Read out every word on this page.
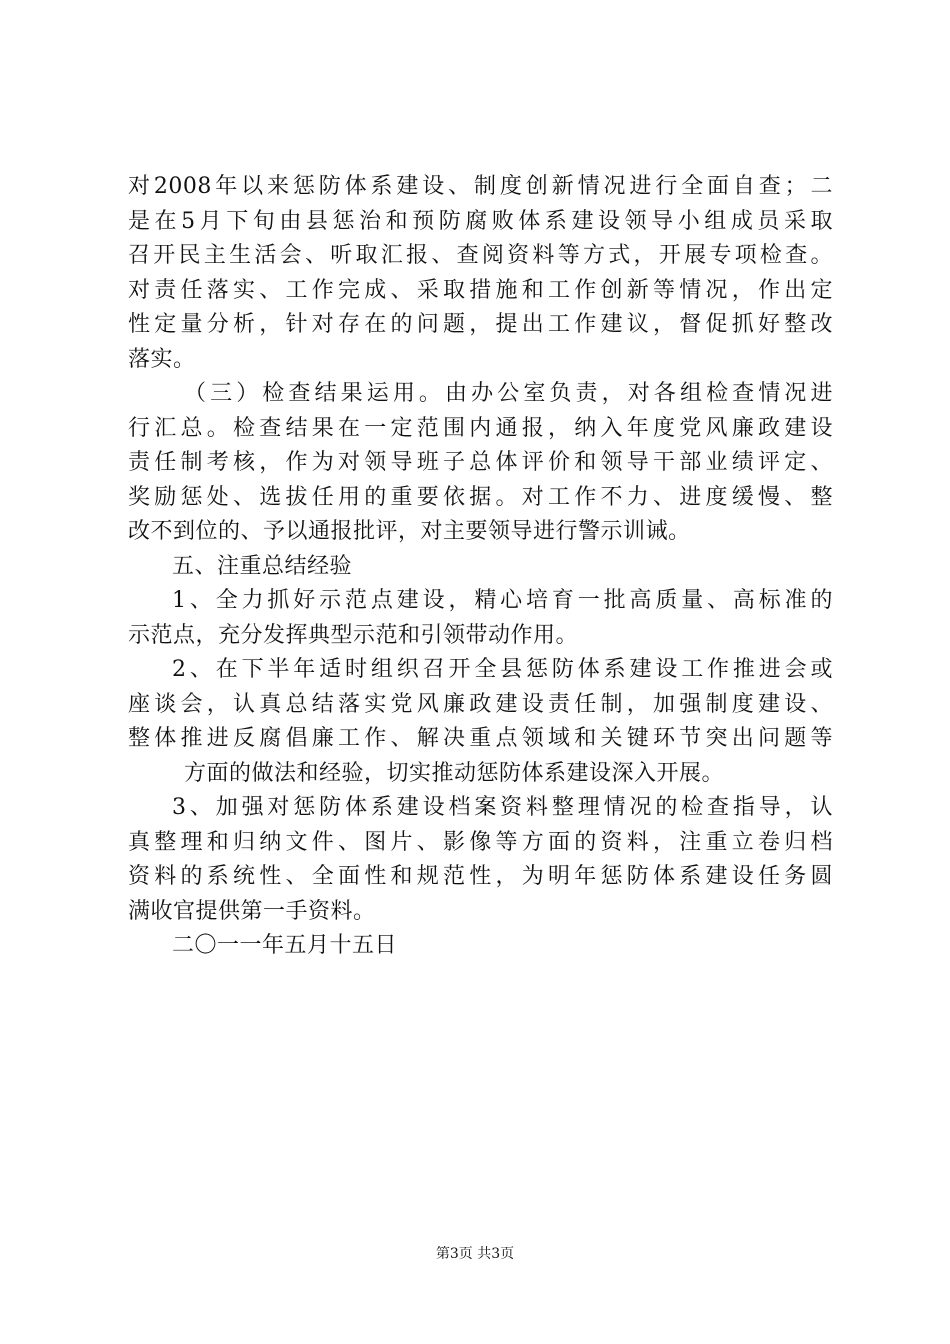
对2008年以来惩防体系建设、制度创新情况进行全面自查；二
是在5月下旬由县惩治和预防腐败体系建设领导小组成员采取
召开民主生活会、听取汇报、查阅资料等方式，开展专项检查。
对责任落实、工作完成、采取措施和工作创新等情况，作出定
性定量分析，针对存在的问题，提出工作建议，督促抓好整改
落实。
（三）检查结果运用。由办公室负责，对各组检查情况进
行汇总。检查结果在一定范围内通报，纳入年度党风廉政建设
责任制考核，作为对领导班子总体评价和领导干部业绩评定、
奖励惩处、选拔任用的重要依据。对工作不力、进度缓慢、整
改不到位的、予以通报批评，对主要领导进行警示训诫。
五、注重总结经验
1、全力抓好示范点建设，精心培育一批高质量、高标准的
示范点，充分发挥典型示范和引领带动作用。
2、在下半年适时组织召开全县惩防体系建设工作推进会或
座谈会，认真总结落实党风廉政建设责任制，加强制度建设、
整体推进反腐倡廉工作、解决重点领域和关键环节突出问题等
方面的做法和经验，切实推动惩防体系建设深入开展。
3、加强对惩防体系建设档案资料整理情况的检查指导，认
真整理和归纳文件、图片、影像等方面的资料，注重立卷归档
资料的系统性、全面性和规范性，为明年惩防体系建设任务圆
满收官提供第一手资料。
二〇一一年五月十五日
第3页 共3页
